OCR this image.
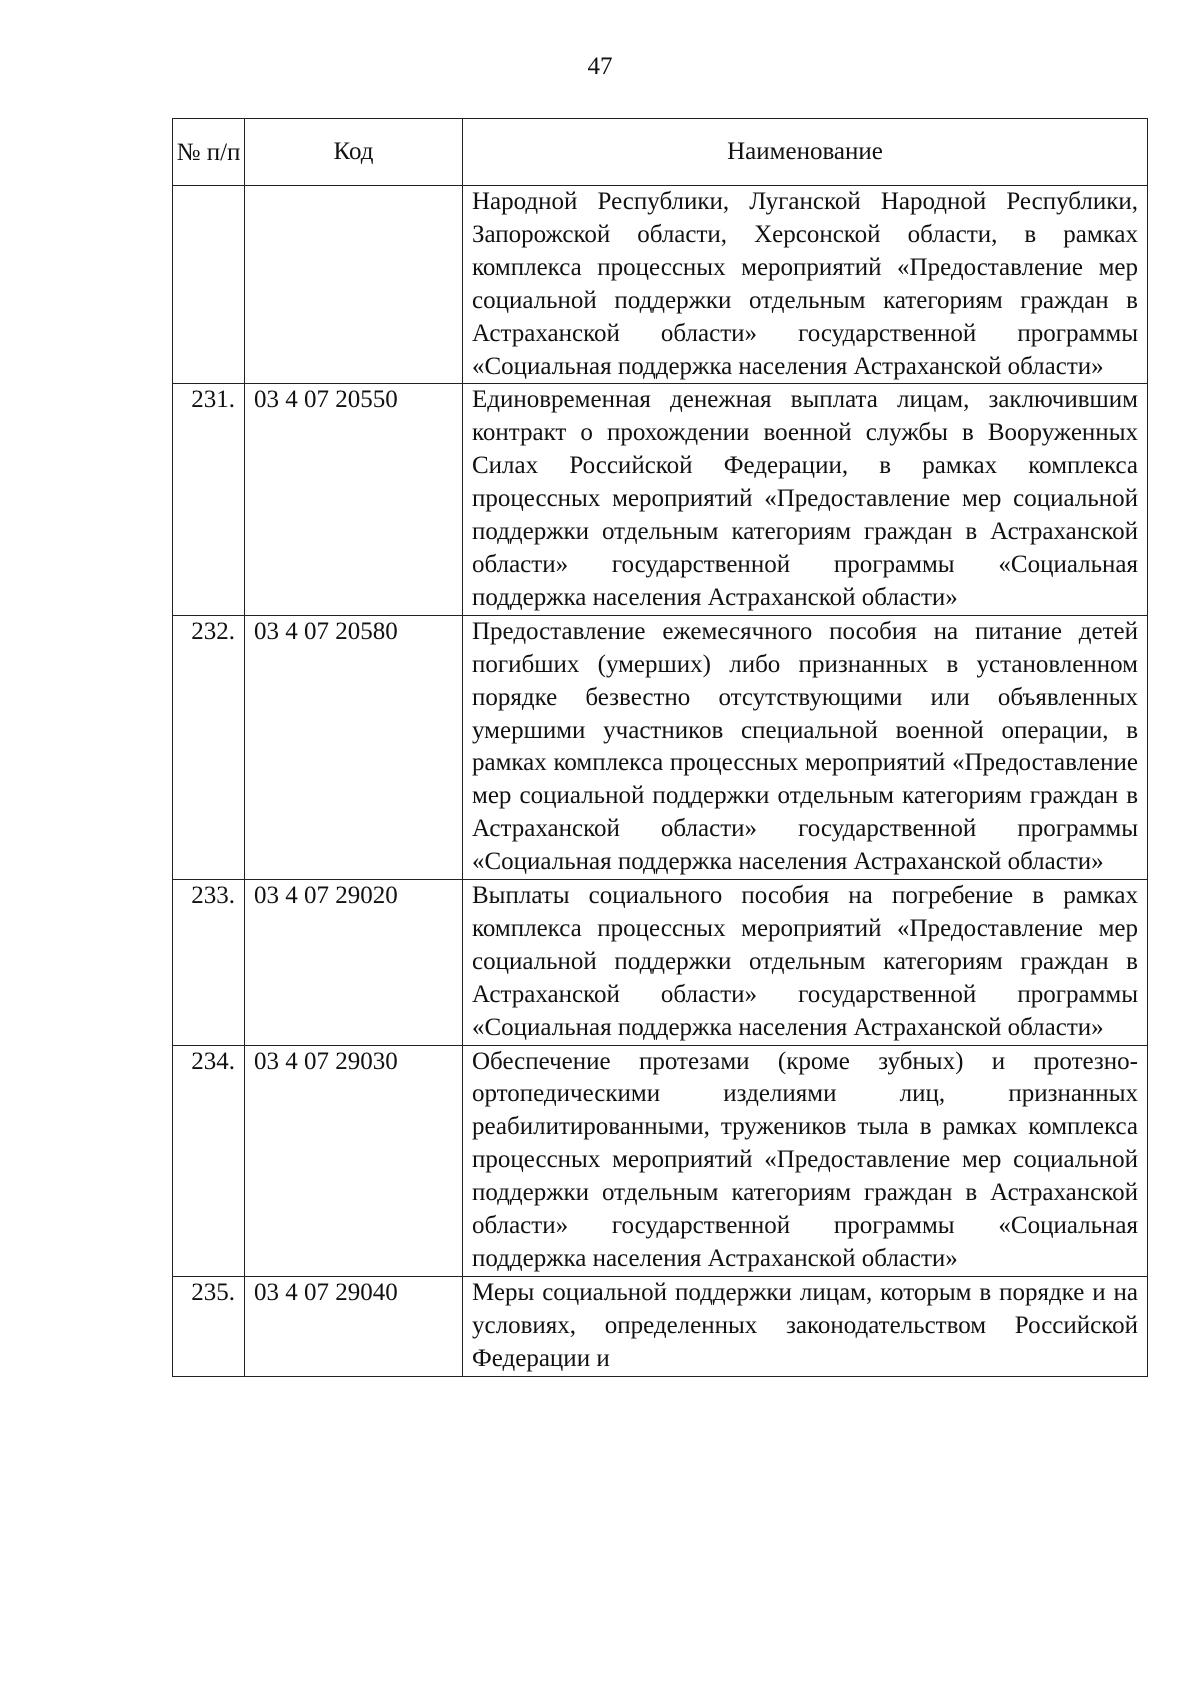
47
№ п/п	Код	Наименование
		Народной Республики, Луганской Народной Республики, Запорожской области, Херсонской области, в рамках комплекса процессных мероприятий «Предоставление мер социальной поддержки отдельным категориям граждан в Астраханской области» государственной программы «Социальная поддержка населения Астраханской области»
231.	03 4 07 20550	Единовременная денежная выплата лицам, заключившим контракт о прохождении военной службы в Вооруженных Силах Российской Федерации, в рамках комплекса процессных мероприятий «Предоставление мер социальной поддержки отдельным категориям граждан в Астраханской области» государственной программы «Социальная поддержка населения Астраханской области»
232.	03 4 07 20580	Предоставление ежемесячного пособия на питание детей погибших (умерших) либо признанных в установленном порядке безвестно отсутствующими или объявленных умершими участников специальной военной операции, в рамках комплекса процессных мероприятий «Предоставление мер социальной поддержки отдельным категориям граждан в Астраханской области» государственной программы «Социальная поддержка населения Астраханской области»
233.	03 4 07 29020	Выплаты социального пособия на погребение в рамках комплекса процессных мероприятий «Предоставление мер социальной поддержки отдельным категориям граждан в Астраханской области» государственной программы «Социальная поддержка населения Астраханской области»
234.	03 4 07 29030	Обеспечение протезами (кроме зубных) и протезно-ортопедическими изделиями лиц, признанных реабилитированными, тружеников тыла в рамках комплекса процессных мероприятий «Предоставление мер социальной поддержки отдельным категориям граждан в Астраханской области» государственной программы «Социальная поддержка населения Астраханской области»
235.	03 4 07 29040	Меры социальной поддержки лицам, которым в порядке и на условиях, определенных законодательством Российской Федерации и
